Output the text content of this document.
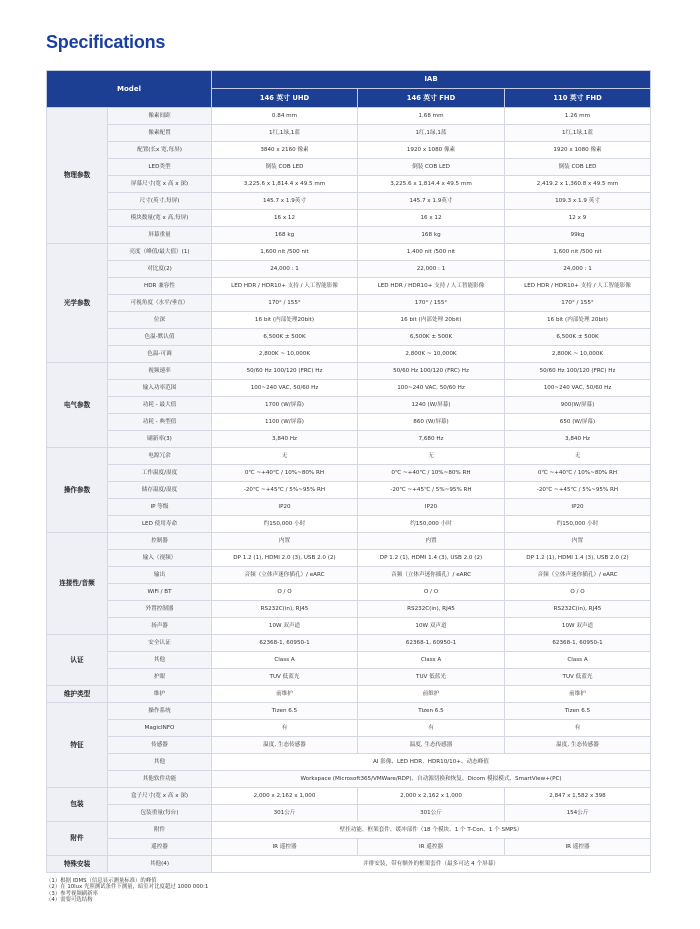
Specifications
Model		IAB		
		146 英寸 UHD	146 英寸 FHD	110 英寸 FHD
物理参数	像素间距	0.84 mm	1.68 mm	1.26 mm
	像素配置	1红,1绿,1蓝	1红,1绿,1蓝	1红,1绿,1蓝
	配置(长x 宽,每屏)	3840 x 2160 像素	1920 x 1080 像素	1920 x 1080 像素
	LED类型	倒装 COB LED	倒装 COB LED	倒装 COB LED
	屏幕尺寸(宽 x 高 x 深)	3,225.6 x 1,814.4 x 49.5 mm	3,225.6 x 1,814.4 x 49.5 mm	2,419.2 x 1,360.8 x 49.5 mm
	尺寸(英寸,每屏)	145.7 x 1.9英寸	145.7 x 1.9英寸	109.3 x 1.9 英寸
	模块数量(宽 x 高,每屏)	16 x 12	16 x 12	12 x 9
	屏幕重量	168 kg	168 kg	99kg
光学参数	亮度（峰值/最大值）(1)	1,600 nit /500 nit	1,400 nit /500 nit	1,600 nit /500 nit
	对比度(2)	24,000 : 1	22,000 : 1	24,000 : 1
	HDR 兼容性	LED HDR / HDR10+ 支持 / 人工智能影像	LED HDR / HDR10+ 支持 / 人工智能影像	LED HDR / HDR10+ 支持 / 人工智能影像
	可视角度（水平/垂直）	170° / 155°	170° / 155°	170° / 155°
	位深	16 bit (内部处理20bit)	16 bit (内部处理 20bit)	16 bit (内部处理 20bit)
	色温-默认值	6,500K ± 500K	6,500K ± 500K	6,500K ± 500K
	色温-可调	2,800K ~ 10,000K	2,800K ~ 10,000K	2,800K ~ 10,000K
电气参数	视频速率	50/60 Hz 100/120 (FRC) Hz	50/60 Hz 100/120 (FRC) Hz	50/60 Hz 100/120 (FRC) Hz
	输入功率范围	100~240 VAC, 50/60 Hz	100~240 VAC, 50/60 Hz	100~240 VAC, 50/60 Hz
	功耗 - 最大值	1700 (W/屏幕)	1240 (W/屏幕)	900(W/屏幕)
	功耗 - 典型值	1100 (W/屏幕)	860 (W/屏幕)	650 (W/屏幕)
	刷新率(3)	3,840 Hz	7,680 Hz	3,840 Hz
操作参数	电源冗余	无	无	无
	工作温度/湿度	0℃ ~+40℃ / 10%~80% RH	0℃ ~+40℃ / 10%~80% RH	0℃ ~+40℃ / 10%~80% RH
	储存温度/湿度	-20℃ ~+45℃ / 5%~95% RH	-20℃ ~+45℃ / 5%~95% RH	-20℃ ~+45℃ / 5%~95% RH
	IP 等级	IP20	IP20	IP20
	LED 使用寿命	约150,000 小时	约150,000 小时	约150,000 小时
连接性/音频	控制器	内置	内置	内置
	输入（视频）	DP 1.2 (1), HDMI 2.0 (3), USB 2.0 (2)	DP 1.2 (1), HDMI 1.4 (3), USB 2.0 (2)	DP 1.2 (1), HDMI 1.4 (3), USB 2.0 (2)
	输出	音频（立体声迷你插孔）/ eARC	音频（立体声迷你插孔）/ eARC	音频（立体声迷你插孔）/ eARC
	WiFi / BT	O / O	O / O	O / O
	外置控制器	RS232C(in), RJ45	RS232C(in), RJ45	RS232C(in), RJ45
	扬声器	10W 双声道	10W 双声道	10W 双声道
认证	安全认证	62368-1, 60950-1	62368-1, 60950-1	62368-1, 60950-1
	其他	Class A	Class A	Class A
	护眼	TUV 低蓝光	TUV 低蓝光	TUV 低蓝光
维护类型	维护	前维护	前维护	前维护
特征	操作系统	Tizen 6.5	Tizen 6.5	Tizen 6.5
	MagicINFO	有	有	有
	传感器	温度, 生态传感器	温度, 生态传感器	温度, 生态传感器
	其他	AI 影像、LED HDR、HDR10/10+、动态峰值		
	其他软件功能	Workspace (Microsoft365/VMWare/RDP)、自动源切换和恢复、Dicom 模拟模式、SmartView+(PC)		
包装	盒子尺寸(宽 x 高 x 深)	2,000 x 2,162 x 1,000	2,000 x 2,162 x 1,000	2,847 x 1,582 x 398
	包装重量(每台)	301公斤	301公斤	154公斤
附件	附件	壁挂功能、框架套件、缓冲部件（18 个模块、1 个 T-Con、1 个 SMPS）		
	遥控器	IR 遥控器	IR 遥控器	IR 遥控器
特殊安装	其他(4)	并排安装，带有额外的框架套件（最多可达 4 个屏幕）		
（1）根据 IDMS（信息显示测量标准）的峰值
（2）在 10lux 光照测试条件下测量，暗室对比度超过 1000 000:1
（3）参考视频刷新率
（4）需要可选结构
